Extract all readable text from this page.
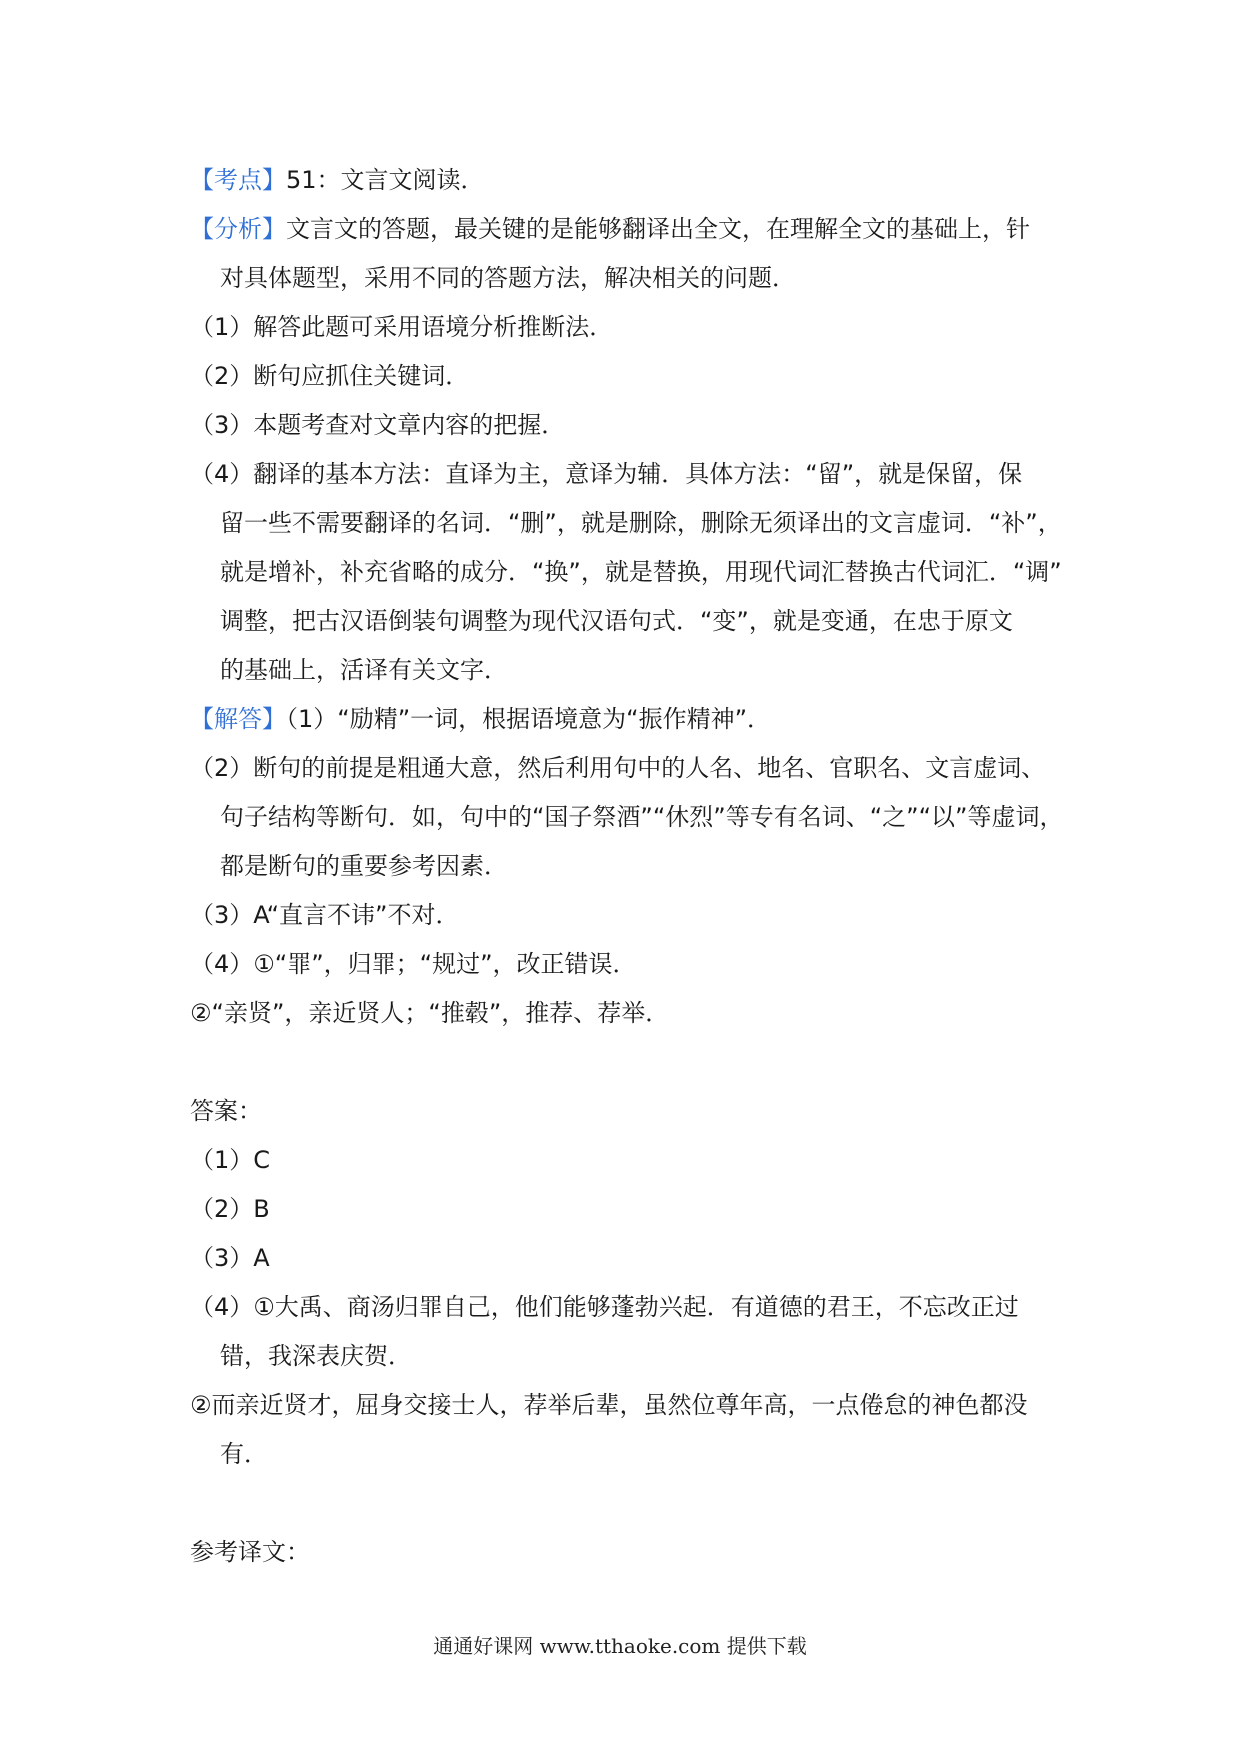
【考点】51：文言文阅读．
【分析】文言文的答题，最关键的是能够翻译出全文，在理解全文的基础上，针
对具体题型，采用不同的答题方法，解决相关的问题．
（1）解答此题可采用语境分析推断法．
（2）断句应抓住关键词．
（3）本题考查对文章内容的把握．
（4）翻译的基本方法：直译为主，意译为辅．具体方法：“留”，就是保留，保
留一些不需要翻译的名词．“删”，就是删除，删除无须译出的文言虚词．“补”，
就是增补，补充省略的成分．“换”，就是替换，用现代词汇替换古代词汇．“调”
调整，把古汉语倒装句调整为现代汉语句式．“变”，就是变通，在忠于原文
的基础上，活译有关文字．
【解答】（1）“励精”一词，根据语境意为“振作精神”．
（2）断句的前提是粗通大意，然后利用句中的人名、地名、官职名、文言虚词、
句子结构等断句．如，句中的“国子祭酒”“休烈”等专有名词、“之”“以”等虚词，
都是断句的重要参考因素．
（3）A“直言不讳”不对．
（4）①“罪”，归罪；“规过”，改正错误．
②“亲贤”，亲近贤人；“推毂”，推荐、荐举．
答案：
（1）C
（2）B
（3）A
（4）①大禹、商汤归罪自己，他们能够蓬勃兴起．有道德的君王，不忘改正过
错，我深表庆贺．
②而亲近贤才，屈身交接士人，荐举后辈，虽然位尊年高，一点倦怠的神色都没
有．
参考译文：
通通好课网 www.tthaoke.com 提供下载
